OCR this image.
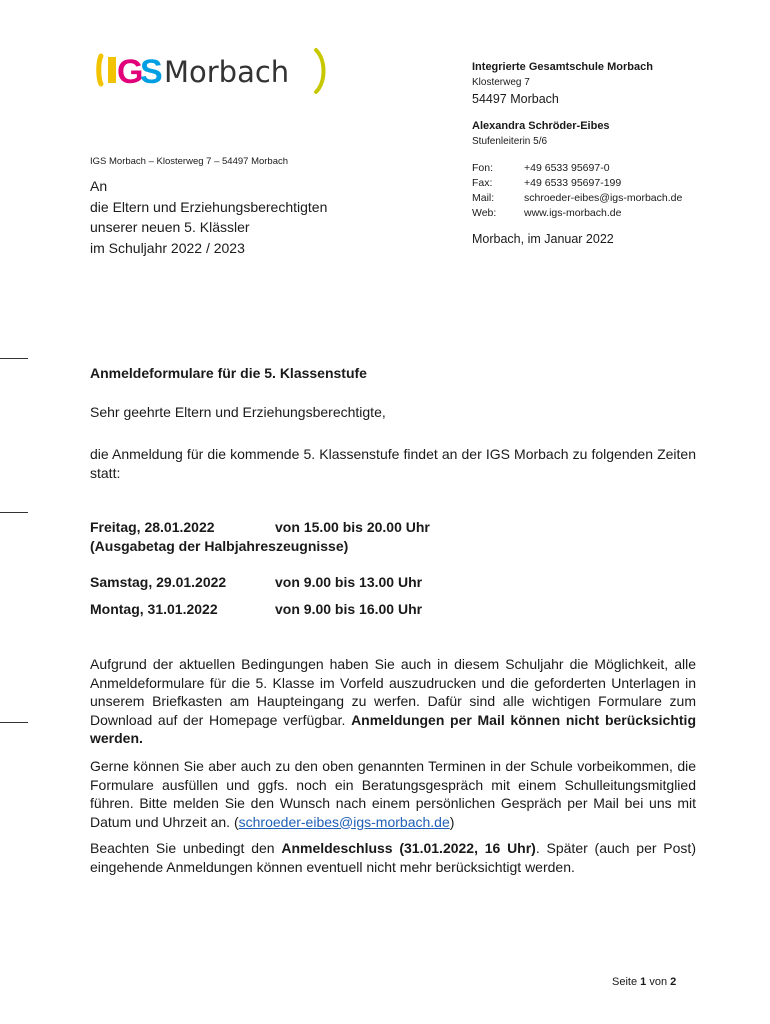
G
S Morbach	Integrierte Gesamtschule Morbach
Klosterweg 7
54497 Morbach
Alexandra Schröder-Eibes
Stufenleiterin 5/6
Fon:	+49 6533 95697-0
Fax:	+49 6533 95697-199
Mail:	schroeder-eibes@igs-morbach.de
Web:	www.igs-morbach.de
Morbach, im Januar 2022
IGS Morbach – Klosterweg 7 – 54497 Morbach
An
die Eltern und Erziehungsberechtigten
unserer neuen 5. Klässler
im Schuljahr 2022 / 2023
Anmeldeformulare für die 5. Klassenstufe
Sehr geehrte Eltern und Erziehungsberechtigte,
die Anmeldung für die kommende 5. Klassenstufe findet an der IGS Morbach zu folgenden Zeiten statt:
Freitag, 28.01.2022	von 15.00 bis 20.00 Uhr
(Ausgabetag der Halbjahreszeugnisse)
Samstag, 29.01.2022	von 9.00 bis 13.00 Uhr
Montag, 31.01.2022	von 9.00 bis 16.00 Uhr
Aufgrund der aktuellen Bedingungen haben Sie auch in diesem Schuljahr die Möglichkeit, alle Anmeldeformulare für die 5. Klasse im Vorfeld auszudrucken und die geforderten Unterlagen in unserem Briefkasten am Haupteingang zu werfen. Dafür sind alle wichtigen Formulare zum Download auf der Homepage verfügbar. Anmeldungen per Mail können nicht berücksichtig werden.
Gerne können Sie aber auch zu den oben genannten Terminen in der Schule vorbeikommen, die Formulare ausfüllen und ggfs. noch ein Beratungsgespräch mit einem Schulleitungsmitglied führen. Bitte melden Sie den Wunsch nach einem persönlichen Gespräch per Mail bei uns mit Datum und Uhrzeit an. (schroeder-eibes@igs-morbach.de)
Beachten Sie unbedingt den Anmeldeschluss (31.01.2022, 16 Uhr). Später (auch per Post) eingehende Anmeldungen können eventuell nicht mehr berücksichtigt werden.
Seite 1 von 2
